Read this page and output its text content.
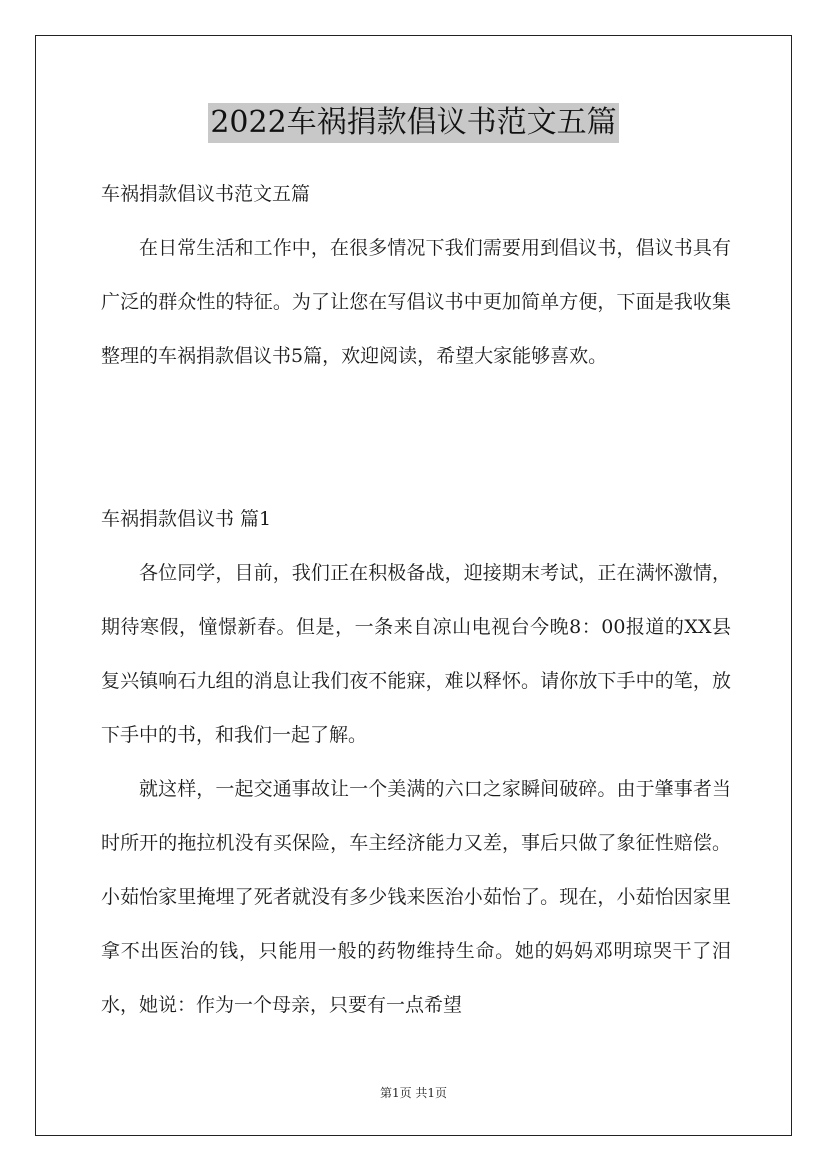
2022车祸捐款倡议书范文五篇

车祸捐款倡议书范文五篇

在日常生活和工作中，在很多情况下我们需要用到倡议书，倡议书具有广泛的群众性的特征。为了让您在写倡议书中更加简单方便，下面是我收集整理的车祸捐款倡议书5篇，欢迎阅读，希望大家能够喜欢。

车祸捐款倡议书 篇1

各位同学，目前，我们正在积极备战，迎接期末考试，正在满怀激情，期待寒假，憧憬新春。但是，一条来自凉山电视台今晚8：00报道的XX县复兴镇响石九组的消息让我们夜不能寐，难以释怀。请你放下手中的笔，放下手中的书，和我们一起了解。

就这样，一起交通事故让一个美满的六口之家瞬间破碎。由于肇事者当时所开的拖拉机没有买保险，车主经济能力又差，事后只做了象征性赔偿。小茹怡家里掩埋了死者就没有多少钱来医治小茹怡了。现在，小茹怡因家里拿不出医治的钱，只能用一般的药物维持生命。她的妈妈邓明琼哭干了泪水，她说：作为一个母亲，只要有一点希望

第1页 共1页
